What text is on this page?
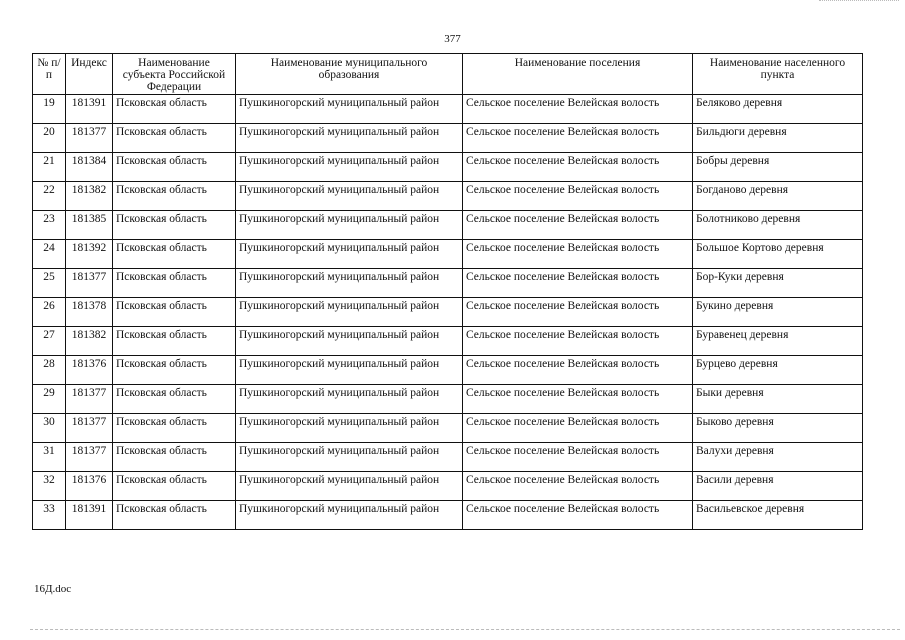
377
№ п/п	Индекс	Наименование субъекта Российской Федерации	Наименование муниципального образования	Наименование поселения	Наименование населенного пункта
19	181391	Псковская область	Пушкиногорский муниципальный район	Сельское поселение Велейская волость	Беляково деревня
20	181377	Псковская область	Пушкиногорский муниципальный район	Сельское поселение Велейская волость	Бильдюги деревня
21	181384	Псковская область	Пушкиногорский муниципальный район	Сельское поселение Велейская волость	Бобры деревня
22	181382	Псковская область	Пушкиногорский муниципальный район	Сельское поселение Велейская волость	Богданово деревня
23	181385	Псковская область	Пушкиногорский муниципальный район	Сельское поселение Велейская волость	Болотниково деревня
24	181392	Псковская область	Пушкиногорский муниципальный район	Сельское поселение Велейская волость	Большое Кортово деревня
25	181377	Псковская область	Пушкиногорский муниципальный район	Сельское поселение Велейская волость	Бор-Куки деревня
26	181378	Псковская область	Пушкиногорский муниципальный район	Сельское поселение Велейская волость	Букино деревня
27	181382	Псковская область	Пушкиногорский муниципальный район	Сельское поселение Велейская волость	Буравенец деревня
28	181376	Псковская область	Пушкиногорский муниципальный район	Сельское поселение Велейская волость	Бурцево деревня
29	181377	Псковская область	Пушкиногорский муниципальный район	Сельское поселение Велейская волость	Быки деревня
30	181377	Псковская область	Пушкиногорский муниципальный район	Сельское поселение Велейская волость	Быково деревня
31	181377	Псковская область	Пушкиногорский муниципальный район	Сельское поселение Велейская волость	Валухи деревня
32	181376	Псковская область	Пушкиногорский муниципальный район	Сельское поселение Велейская волость	Васили деревня
33	181391	Псковская область	Пушкиногорский муниципальный район	Сельское поселение Велейская волость	Васильевское деревня
16Д.doc
